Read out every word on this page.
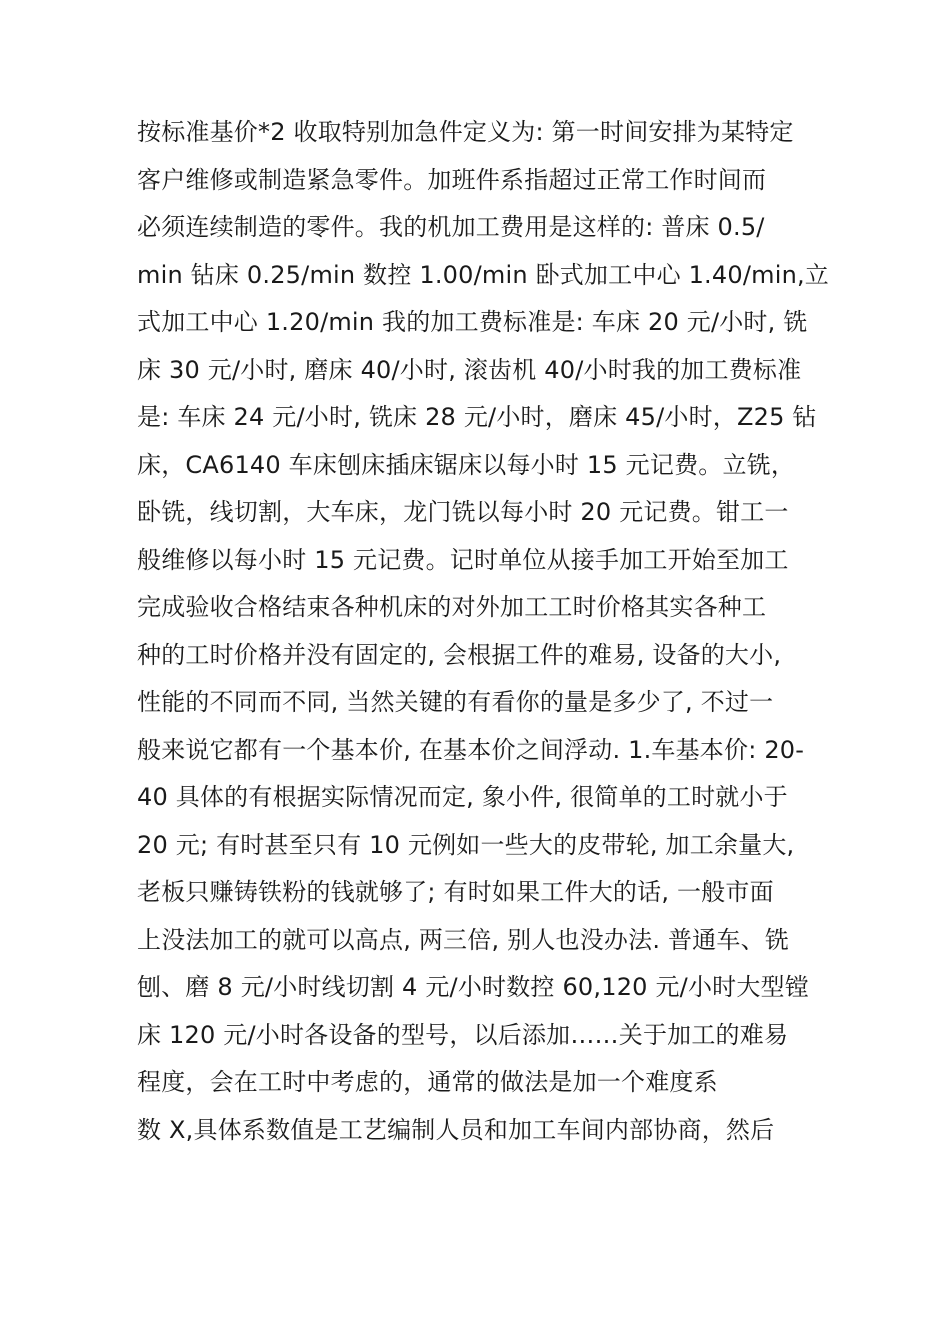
按标准基价*2 收取特别加急件定义为: 第一时间安排为某特定
客户维修或制造紧急零件。加班件系指超过正常工作时间而
必须连续制造的零件。我的机加工费用是这样的: 普床 0.5/
min 钻床 0.25/min 数控 1.00/min 卧式加工中心 1.40/min,立
式加工中心 1.20/min 我的加工费标准是: 车床 20 元/小时, 铣
床 30 元/小时, 磨床 40/小时, 滚齿机 40/小时我的加工费标准
是: 车床 24 元/小时, 铣床 28 元/小时，磨床 45/小时，Z25 钻
床，CA6140 车床刨床插床锯床以每小时 15 元记费。立铣，
卧铣，线切割，大车床，龙门铣以每小时 20 元记费。钳工一
般维修以每小时 15 元记费。记时单位从接手加工开始至加工
完成验收合格结束各种机床的对外加工工时价格其实各种工
种的工时价格并没有固定的, 会根据工件的难易, 设备的大小,
性能的不同而不同, 当然关键的有看你的量是多少了, 不过一
般来说它都有一个基本价, 在基本价之间浮动. 1.车基本价: 20-
40 具体的有根据实际情况而定, 象小件, 很简单的工时就小于
20 元; 有时甚至只有 10 元例如一些大的皮带轮, 加工余量大,
老板只赚铸铁粉的钱就够了; 有时如果工件大的话, 一般市面
上没法加工的就可以高点, 两三倍, 别人也没办法. 普通车、铣
刨、磨 8 元/小时线切割 4 元/小时数控 60,120 元/小时大型镗
床 120 元/小时各设备的型号，以后添加……关于加工的难易
程度，会在工时中考虑的，通常的做法是加一个难度系
数 X,具体系数值是工艺编制人员和加工车间内部协商，然后
